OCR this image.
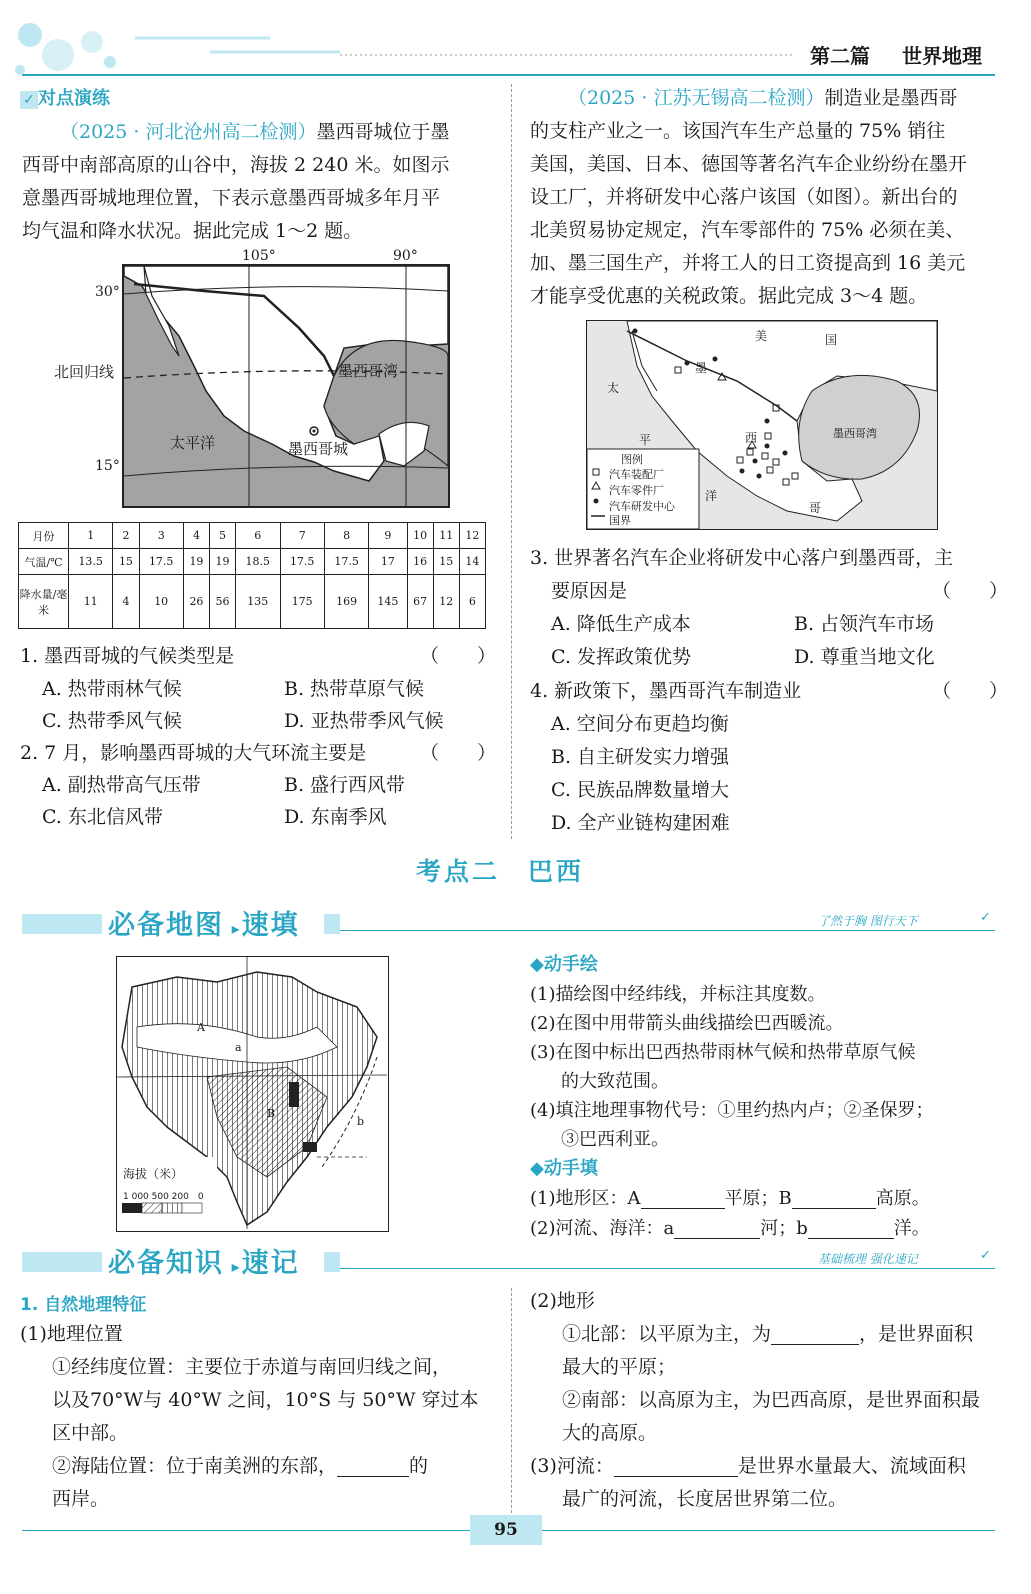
第二篇 世界地理
✓ 对点演练
（2025 · 河北沧州高二检测）墨西哥城位于墨
西哥中南部高原的山谷中，海拔 2 240 米。如图示
意墨西哥城地理位置，下表示意墨西哥城多年月平
均气温和降水状况。据此完成 1～2 题。
105°	90°
30°
15°
北回归线	墨西哥湾
太平洋	墨西哥城
月份	1	2	3	4	5	6	7	8	9	10	11	12
气温/℃	13.5	15	17.5	19	19	18.5	17.5	17.5	17	16	15	14
降水量/毫米	11	4	10	26	56	135	175	169	145	67	12	6
1. 墨西哥城的气候类型是	（　　）
A. 热带雨林气候	B. 热带草原气候
C. 热带季风气候	D. 亚热带季风气候
2. 7 月，影响墨西哥城的大气环流主要是	（　　）
A. 副热带高气压带	B. 盛行西风带
C. 东北信风带	D. 东南季风
（2025 · 江苏无锡高二检测）制造业是墨西哥
的支柱产业之一。该国汽车生产总量的 75% 销往
美国，美国、日本、德国等著名汽车企业纷纷在墨开
设工厂，并将研发中心落户该国（如图）。新出台的
北美贸易协定规定，汽车零部件的 75% 必须在美、
加、墨三国生产，并将工人的日工资提高到 16 美元
才能享受优惠的关税政策。据此完成 3～4 题。
美	国
太
平
洋
墨
西
哥
墨西哥湾
图例
汽车装配厂
汽车零件厂
汽车研发中心
国界
3. 世界著名汽车企业将研发中心落户到墨西哥，主
要原因是	（　　）
A. 降低生产成本	B. 占领汽车市场
C. 发挥政策优势	D. 尊重当地文化
4. 新政策下，墨西哥汽车制造业	（　　）
A. 空间分布更趋均衡
B. 自主研发实力增强
C. 民族品牌数量增大
D. 全产业链构建困难
考点二　巴西
必备地图 ▸速填	了然于胸 图行天下	✓
A
B
a
b
海拔（米）
1 000 500 200　0
◆动手绘
(1)描绘图中经纬线，并标注其度数。
(2)在图中用带箭头曲线描绘巴西暖流。
(3)在图中标出巴西热带雨林气候和热带草原气候
的大致范围。
(4)填注地理事物代号：①里约热内卢；②圣保罗；
③巴西利亚。
◆动手填
(1)地形区：A	平原；B	高原。
(2)河流、海洋：a	河；b	洋。
必备知识 ▸速记	基础梳理 强化速记	✓
1. 自然地理特征
(1)地理位置
①经纬度位置：主要位于赤道与南回归线之间，
以及70°W与 40°W 之间，10°S 与 50°W 穿过本
区中部。
②海陆位置：位于南美洲的东部，	的
西岸。
(2)地形
①北部：以平原为主，为	，是世界面积
最大的平原；
②南部：以高原为主，为巴西高原，是世界面积最
大的高原。
(3)河流：	是世界水量最大、流域面积
最广的河流，长度居世界第二位。
95
